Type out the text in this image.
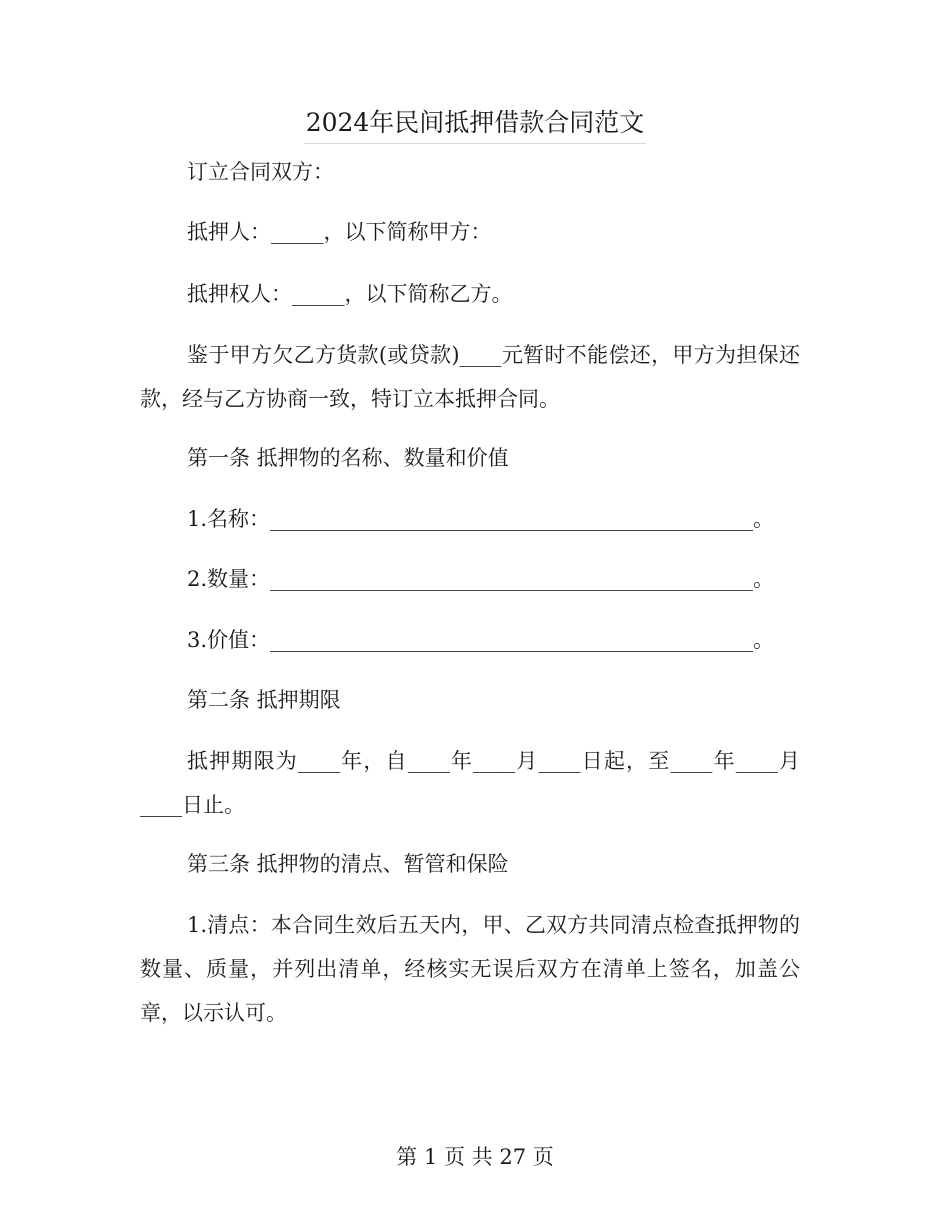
2024年民间抵押借款合同范文
订立合同双方：
抵押人：_____，以下简称甲方：
抵押权人：_____，以下简称乙方。
鉴于甲方欠乙方货款(或贷款)____元暂时不能偿还，甲方为担保还款，经与乙方协商一致，特订立本抵押合同。
第一条 抵押物的名称、数量和价值
1.名称：______________________________________________。
2.数量：______________________________________________。
3.价值：______________________________________________。
第二条 抵押期限
抵押期限为____年，自____年____月____日起，至____年____月____日止。
第三条 抵押物的清点、暂管和保险
1.清点：本合同生效后五天内，甲、乙双方共同清点检查抵押物的数量、质量，并列出清单，经核实无误后双方在清单上签名，加盖公章，以示认可。
第 1 页 共 27 页
